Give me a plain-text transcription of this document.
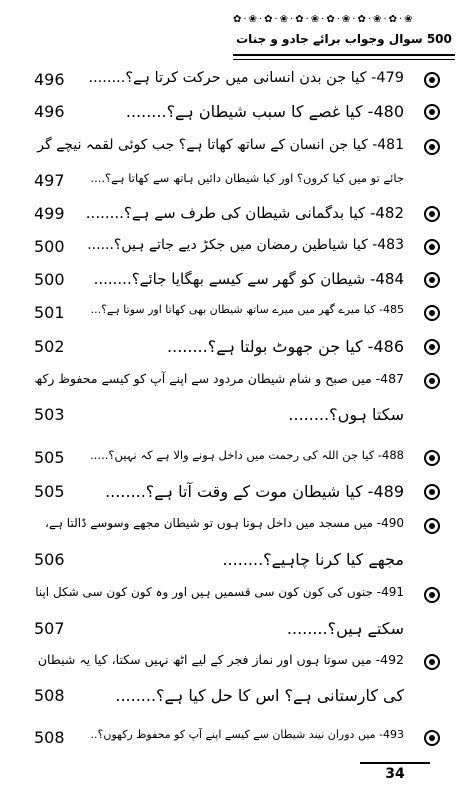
✿·❀·✿·❀·✿·❀·✿·❀·✿·❀·✿·❀
500 سوال وجواب برائے جادو و جنات
479- کیا جن بدن انسانی میں حرکت کرتا ہے؟........
496
480- کیا غصے کا سبب شیطان ہے؟........
496
481- کیا جن انسان کے ساتھ کھاتا ہے؟ جب کوئی لقمہ نیچے گر
جائے تو میں کیا کروں؟ اور کیا شیطان دائیں ہاتھ سے کھاتا ہے؟....
497
482- کیا بدگمانی شیطان کی طرف سے ہے؟........
499
483- کیا شیاطین رمضان میں جکڑ دیے جاتے ہیں؟......
500
484- شیطان کو گھر سے کیسے بھگایا جائے؟........
500
485- کیا میرے گھر میں میرے ساتھ شیطان بھی کھاتا اور سوتا ہے؟...
501
486- کیا جن جھوٹ بولتا ہے؟........
502
487- میں صبح و شام شیطان مردود سے اپنے آپ کو کیسے محفوظ رکھ
سکتا ہوں؟........
503
488- کیا جن اللہ کی رحمت میں داخل ہونے والا ہے کہ نہیں؟.....
505
489- کیا شیطان موت کے وقت آتا ہے؟........
505
490- میں مسجد میں داخل ہوتا ہوں تو شیطان مجھے وسوسے ڈالتا ہے،
مجھے کیا کرنا چاہیے؟........
506
491- جنوں کی کون کون سی قسمیں ہیں اور وہ کون کون سی شکل اپنا
سکتے ہیں؟........
507
492- میں سوتا ہوں اور نماز فجر کے لیے اٹھ نہیں سکتا، کیا یہ شیطان
کی کارستانی ہے؟ اس کا حل کیا ہے؟........
508
493- میں دوران نیند شیطان سے کیسے اپنے آپ کو محفوظ رکھوں؟..
508
34
